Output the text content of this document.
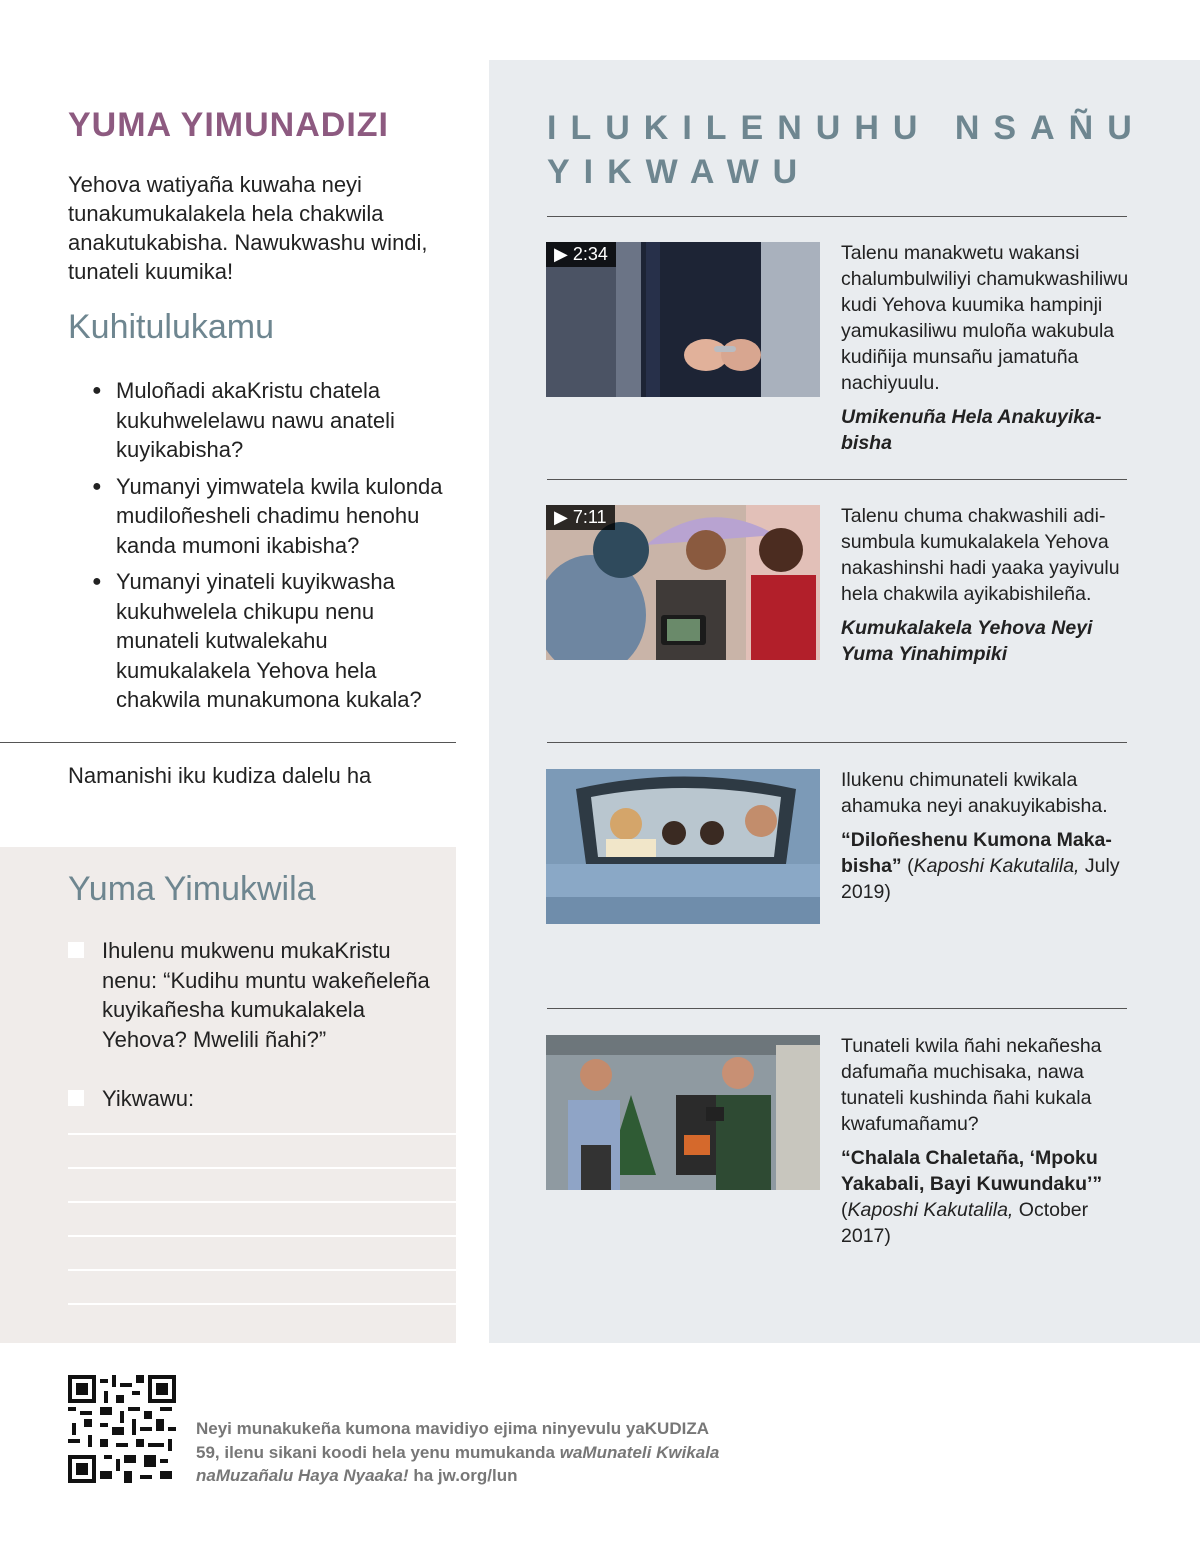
YUMA YIMUNADIZI
Yehova watiyaña kuwaha neyi tunakumukalakela hela chakwila anakutukabisha. Nawukwashu windi, tunateli kuumika!
Kuhitulukamu
● Muloñadi akaKristu chatela kukuhwelelawu nawu anateli kuyikabisha?
● Yumanyi yimwatela kwila kulonda mudiloñesheli chadimu henohu kanda mumoni ikabisha?
● Yumanyi yinateli kuyikwasha kukuhwelela chikupu nenu munateli kutwalekahu kumukalakela Yehova hela chakwila munakumona kukala?
Namanishi iku kudiza dalelu ha
Yuma Yimukwila
Ihulenu mukwenu mukaKristu nenu: “Kudihu muntu wakeñeleña kuyikañesha kumukalakela Yehova? Mwelili ñahi?”
Yikwawu:
ILUKILENUHU NSAÑU YIKWAWU
▶ 2:34	Talenu manakwetu wakansi chalumbulwiliyi chamukwashiliwu kudi Yehova kuumika hampinji yamukasiliwu muloña wakubula kudiñija munsañu jamatuña nachiyuulu.
Umikenuña Hela Anakuyikabisha
▶ 7:11	Talenu chuma chakwashili adisumbula kumukalakela Yehova nakashinshi hadi yaaka yayivulu hela chakwila ayikabishileña.
Kumukalakela Yehova Neyi Yuma Yinahimpiki
Ilukenu chimunateli kwikala ahamuka neyi anakuyikabisha.
“Diloñeshenu Kumona Makabisha” (Kaposhi Kakutalila, July 2019)
Tunateli kwila ñahi nekañesha dafumaña muchisaka, nawa tunateli kushinda ñahi kukala kwafumañamu?
“Chalala Chaletaña, ‘Mpoku Yakabali, Bayi Kuwundaku’”
(Kaposhi Kakutalila, October 2017)
Neyi munakukeña kumona mavidiyo ejima ninyevulu yaKUDIZA 59, ilenu sikani koodi hela yenu mumukanda waMunateli Kwikala naMuzañalu Haya Nyaaka! ha jw.org/lun
